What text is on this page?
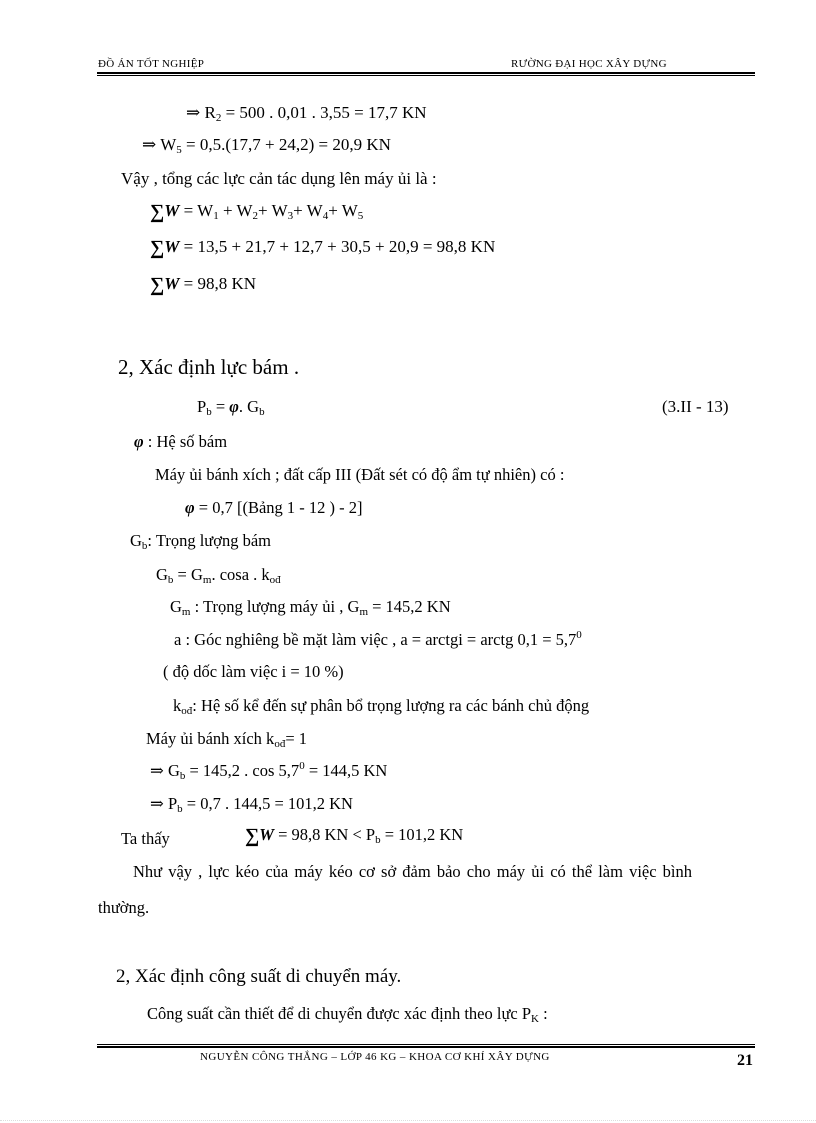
ĐỒ ÁN TỐT NGHIỆP	RƯỜNG ĐẠI HỌC XÂY DỰNG
⇒ $R_2 = 500$ . 0,01 . 3,55 = 17,7 KN
⇒ $W_5 = 0,5.(17,7 + 24,2) = 20,9$ KN
Vậy , tổng các lực cản tác dụng lên máy ủi là :
$\sum W = W_1 + W_2+ W_3+ W_4+ W_5$
∑W = 13,5 + 21,7 + 12,7 + 30,5 + 20,9 = 98,8 KN
∑W = 98,8 KN
2, Xác định lực bám .
$P_b = \varphi$. $G_b$	(3.II - 13)
φ : Hệ số bám
Máy ủi bánh xích ; đất cấp III (Đất sét có độ ẩm tự nhiên) có :
φ = 0,7 [(Bảng 1 - 12 ) - 2]
$G_b$: Trọng lượng bám
$G_b = G_m$. cosa . $k_{ođ}$
$G_m$ : Trọng lượng máy ủi , $G_m = 145,2$ KN
a : Góc nghiêng bề mặt làm việc , a = arctgi = arctg $0,1 = 5,7^0$
( độ dốc làm việc i = 10 %)
$k_{ođ}$: Hệ số kể đến sự phân bổ trọng lượng ra các bánh chủ động
Máy ủi bánh xích $k_{ođ}= 1$
⇒ $G_b = 145,2$ . $\cos 5,7^0 = 144,5$ KN
⇒ $P_b = 0,7$ . 144,5 = 101,2 KN
Ta thấy	∑W = 98,8 KN < $P_b = 101,2$ KN
Như vậy , lực kéo của máy kéo cơ sở đảm bảo cho máy ủi có thể làm việc bình
thường.
2, Xác định công suất di chuyển máy.
Công suất cần thiết để di chuyển được xác định theo lực $P_K$ :
NGUYỄN CÔNG THẮNG – LỚP 46 KG – KHOA CƠ KHÍ XÂY DỰNG	21
